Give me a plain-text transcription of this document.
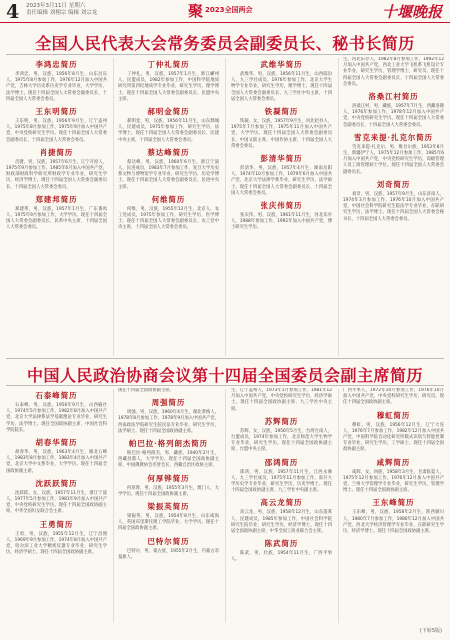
4 2023年3月11日 星期六
责任编辑 刘栩宗 编辑 刘宗龙	聚 2023全国两会	十堰晚报
全国人民代表大会常务委员会副委员长、秘书长简历
李鸿忠简历

李鸿忠，男，汉族，1956年8月生，山东昌乐人，1975年8月参加工作，1976年12月加入中国共产党，吉林大学历史系历史学专业毕业，大学学历，法学博士。现任十四届全国人大常委会副委员长、十四届全国人大常委会委员。

王东明简历

王东明，男，汉族，1956年9月生，辽宁盖州人，1975年8月参加工作，1975年9月加入中国共产党，中央党校研究生学历。现任十四届全国人大常委会副委员长、十四届全国人大常委会委员。

肖捷简历

肖捷，男，汉族，1957年6月生，辽宁开原人，1975年9月参加工作，1985年6月加入中国共产党，财政部财政科学研究所财政学专业毕业，研究生学历，经济学博士。现任十四届全国人大常委会副委员长、十四届全国人大常委会委员。

郑建邦简历

郑建邦，男，汉族，1957年1月生，广东番禺人，1975年9月参加工作，大学学历。现任十四届全国人大常委会副委员长、民革中央主席，十四届全国人大常委会委员。

丁仲礼简历

丁仲礼，男，汉族，1957年1月生，浙江嵊州人，民盟成员，1982年参加工作，中国科学院地质研究所第四纪地质学专业毕业，研究生学历，理学博士。现任十四届全国人大常委会副委员长、民盟中央主席。

郝明金简历

郝明金，男，汉族，1956年11月生，山东鄄城人，民建成员，1975年参加工作，研究生学历，法学博士。现任十四届全国人大常委会副委员长、民建中央主席，十四届全国人大常委会委员。

蔡达峰简历

蔡达峰，男，汉族，1960年6月生，浙江宁波人，民进成员，1983年7月参加工作，复旦大学历史系文物与博物馆学专业毕业，研究生学历，历史学博士。现任十四届全国人大常委会副委员长、民进中央主席。

何维简历

何维，男，汉族，1955年12月生，北京人，农工党成员，1975年参加工作，研究生学历，医学博士。现任十四届全国人大常委会副委员长、农工党中央主席，十四届全国人大常委会委员。

武维华简历

武维华，男，汉族，1956年11月生，山西临汾人，九三学社成员，1976年参加工作，北京大学生物学专业毕业，研究生学历，理学博士。现任十四届全国人大常委会副委员长、九三学社中央主席，十四届全国人大常委会委员。

铁凝简历

铁凝，女，汉族，1957年9月生，河北赵县人，1975年7月参加工作，1975年11月加入中国共产党，大学学历。现任十四届全国人大常委会副委员长、中国文联主席、中国作协主席，十四届全国人大常委会委员。

彭清华简历

彭清华，男，汉族，1957年4月生，湖南岳阳人，1974年10月参加工作，1979年6月加入中国共产党，北京大学法律学系毕业，研究生学历，法学硕士。现任十四届全国人大常委会副委员长、十四届全国人大常委会委员。

张庆伟简历

张庆伟，男，汉族，1961年11月生，河北乐亭人，1988年参加工作，1992年加入中国共产党，博士研究生学历。

生，河北乐亭人，1982年8月参加工作，1992年12月加入中国共产党，西北工业大学飞机系飞机设计专业毕业，研究生学历，管理学博士，研究员。现任十四届全国人大常委会副委员长、十四届全国人大常委会委员。

洛桑江村简历

洛桑江村，男，藏族，1957年7月生，西藏洛隆人，1976年参加工作，1978年12月加入中国共产党，中央党校研究生学历。现任十四届全国人大常委会副委员长、十四届全国人大常委会委员。

雪克来提·扎克尔简历

雪克来提·扎克尔，男，维吾尔族，1953年8月生，新疆伊宁人，1975年12月参加工作，1985年6月加入中国共产党，中央党校研究生学历，高级管理人员工商管理硕士学位。现任十四届全国人大常委会副委员长。

刘奇简历

刘奇，男，汉族，1957年9月生，山东济南人，1974年3月参加工作，1976年10月加入中国共产党，中国社会科学院研究生院法学专业毕业，在职研究生学历，法学博士。现任十四届全国人大常委会秘书长、十四届全国人大常委会委员。

中国人民政治协商会议第十四届全国委员会副主席简历
石泰峰简历

石泰峰，男，汉族，1956年9月生，山西榆社人，1974年5月参加工作，1982年8月加入中国共产党，北京大学法律系法学基础理论专业毕业，研究生学历，法学博士。现任全国政协副主席、中国社会科学院院长。

胡春华简历

胡春华，男，汉族，1963年4月生，湖北五峰人，1983年8月参加工作，1983年4月加入中国共产党，北京大学中文系毕业，大学学历。现任十四届全国政协副主席。

沈跃跃简历

沈跃跃，女，汉族，1957年11月生，浙江宁波人，1977年5月参加工作，1981年9月加入中国共产党，中央党校研究生学历。现任十四届全国政协副主席、中华全国妇女联合会主席。

王勇简历

王勇，男，汉族，1955年12月生，辽宁昌图人，1969年9月参加工作，1974年8月加入中国共产党，哈尔滨工业大学精密仪器专业毕业，研究生学历，经济学硕士。现任十四届全国政协副主席。

现任十四届全国政协副主席。

周强简历

周强，男，汉族，1960年4月生，湖北黄梅人，1978年8月参加工作，1978年9月加入中国共产党，西南政法学院研究生院民法专业毕业，研究生学历，法学硕士。现任十四届全国政协副主席。

帕巴拉·格列朗杰简历

帕巴拉·格列朗杰，男，藏族，1940年2月生，西藏昌都人，大学学历。现任十四届全国政协副主席、中国佛教协会名誉会长，西藏自治区政协主席。

何厚铧简历

何厚铧，男，汉族，1955年3月生，澳门人，大学学历。现任十四届全国政协副主席。

梁振英简历

梁振英，男，汉族，1954年8月生，山东威海人，英国布里斯托理工学院毕业，大学学历。现任十四届全国政协副主席。

巴特尔简历

巴特尔，男，蒙古族，1955年2月生，内蒙古奈曼旗人。

生，辽宁盖州人，1973年1月参加工作，1981年12月加入中国共产党，中央党校研究生学历，经济学硕士。现任十四届全国政协副主席、九三学社中央主席。

苏辉简历

苏辉，女，汉族，1956年5月生，台湾台南人，台盟成员，1974年参加工作，北京师范大学生物学专业毕业，研究生学历。现任十四届全国政协副主席、台盟中央主席。

邵鸿简历

邵鸿，男，汉族，1957年11月生，江西永修人，九三学社成员，1975年11月参加工作，南开大学历史学专业毕业，研究生学历，历史学博士。现任十四届全国政协副主席、九三学社中央副主席。

高云龙简历

高云龙，男，汉族，1958年12月生，山东蓬莱人，民建成员，1985年参加工作，中国社会科学院研究生院毕业，研究生学历，经济学博士。现任十四届全国政协副主席、中华全国工商业联合会主席。

陈武简历

陈武，男，壮族，1954年11月生，广西平果人。

广西平果人，1972年10月参加工作，1976年10月加入中国共产党，中央党校研究生学历，研究员。现任十四届全国政协副主席。

穆虹简历

穆虹，男，汉族，1956年12月生，辽宁大连人，1976年7月参加工作，1982年12月加入中国共产党，中国科学院自动化研究所模式识别与智能控制专业毕业，研究生学历，工学硕士。现任十四届全国政协副主席。

咸辉简历

咸辉，女，回族，1958年3月生，甘肃临夏人，1975年12月参加工作，1976年12月加入中国共产党，兰州大学管理学专业毕业，研究生学历，管理学博士。现任十四届全国政协副主席。

王东峰简历

王东峰，男，汉族，1958年2月生，陕西铜川人，1980年7月参加工作，1980年12月加入中国共产党，西北大学经济管理学专业毕业，在职研究生学历，经济学博士。现任十四届全国政协副主席。

(下转5版)
